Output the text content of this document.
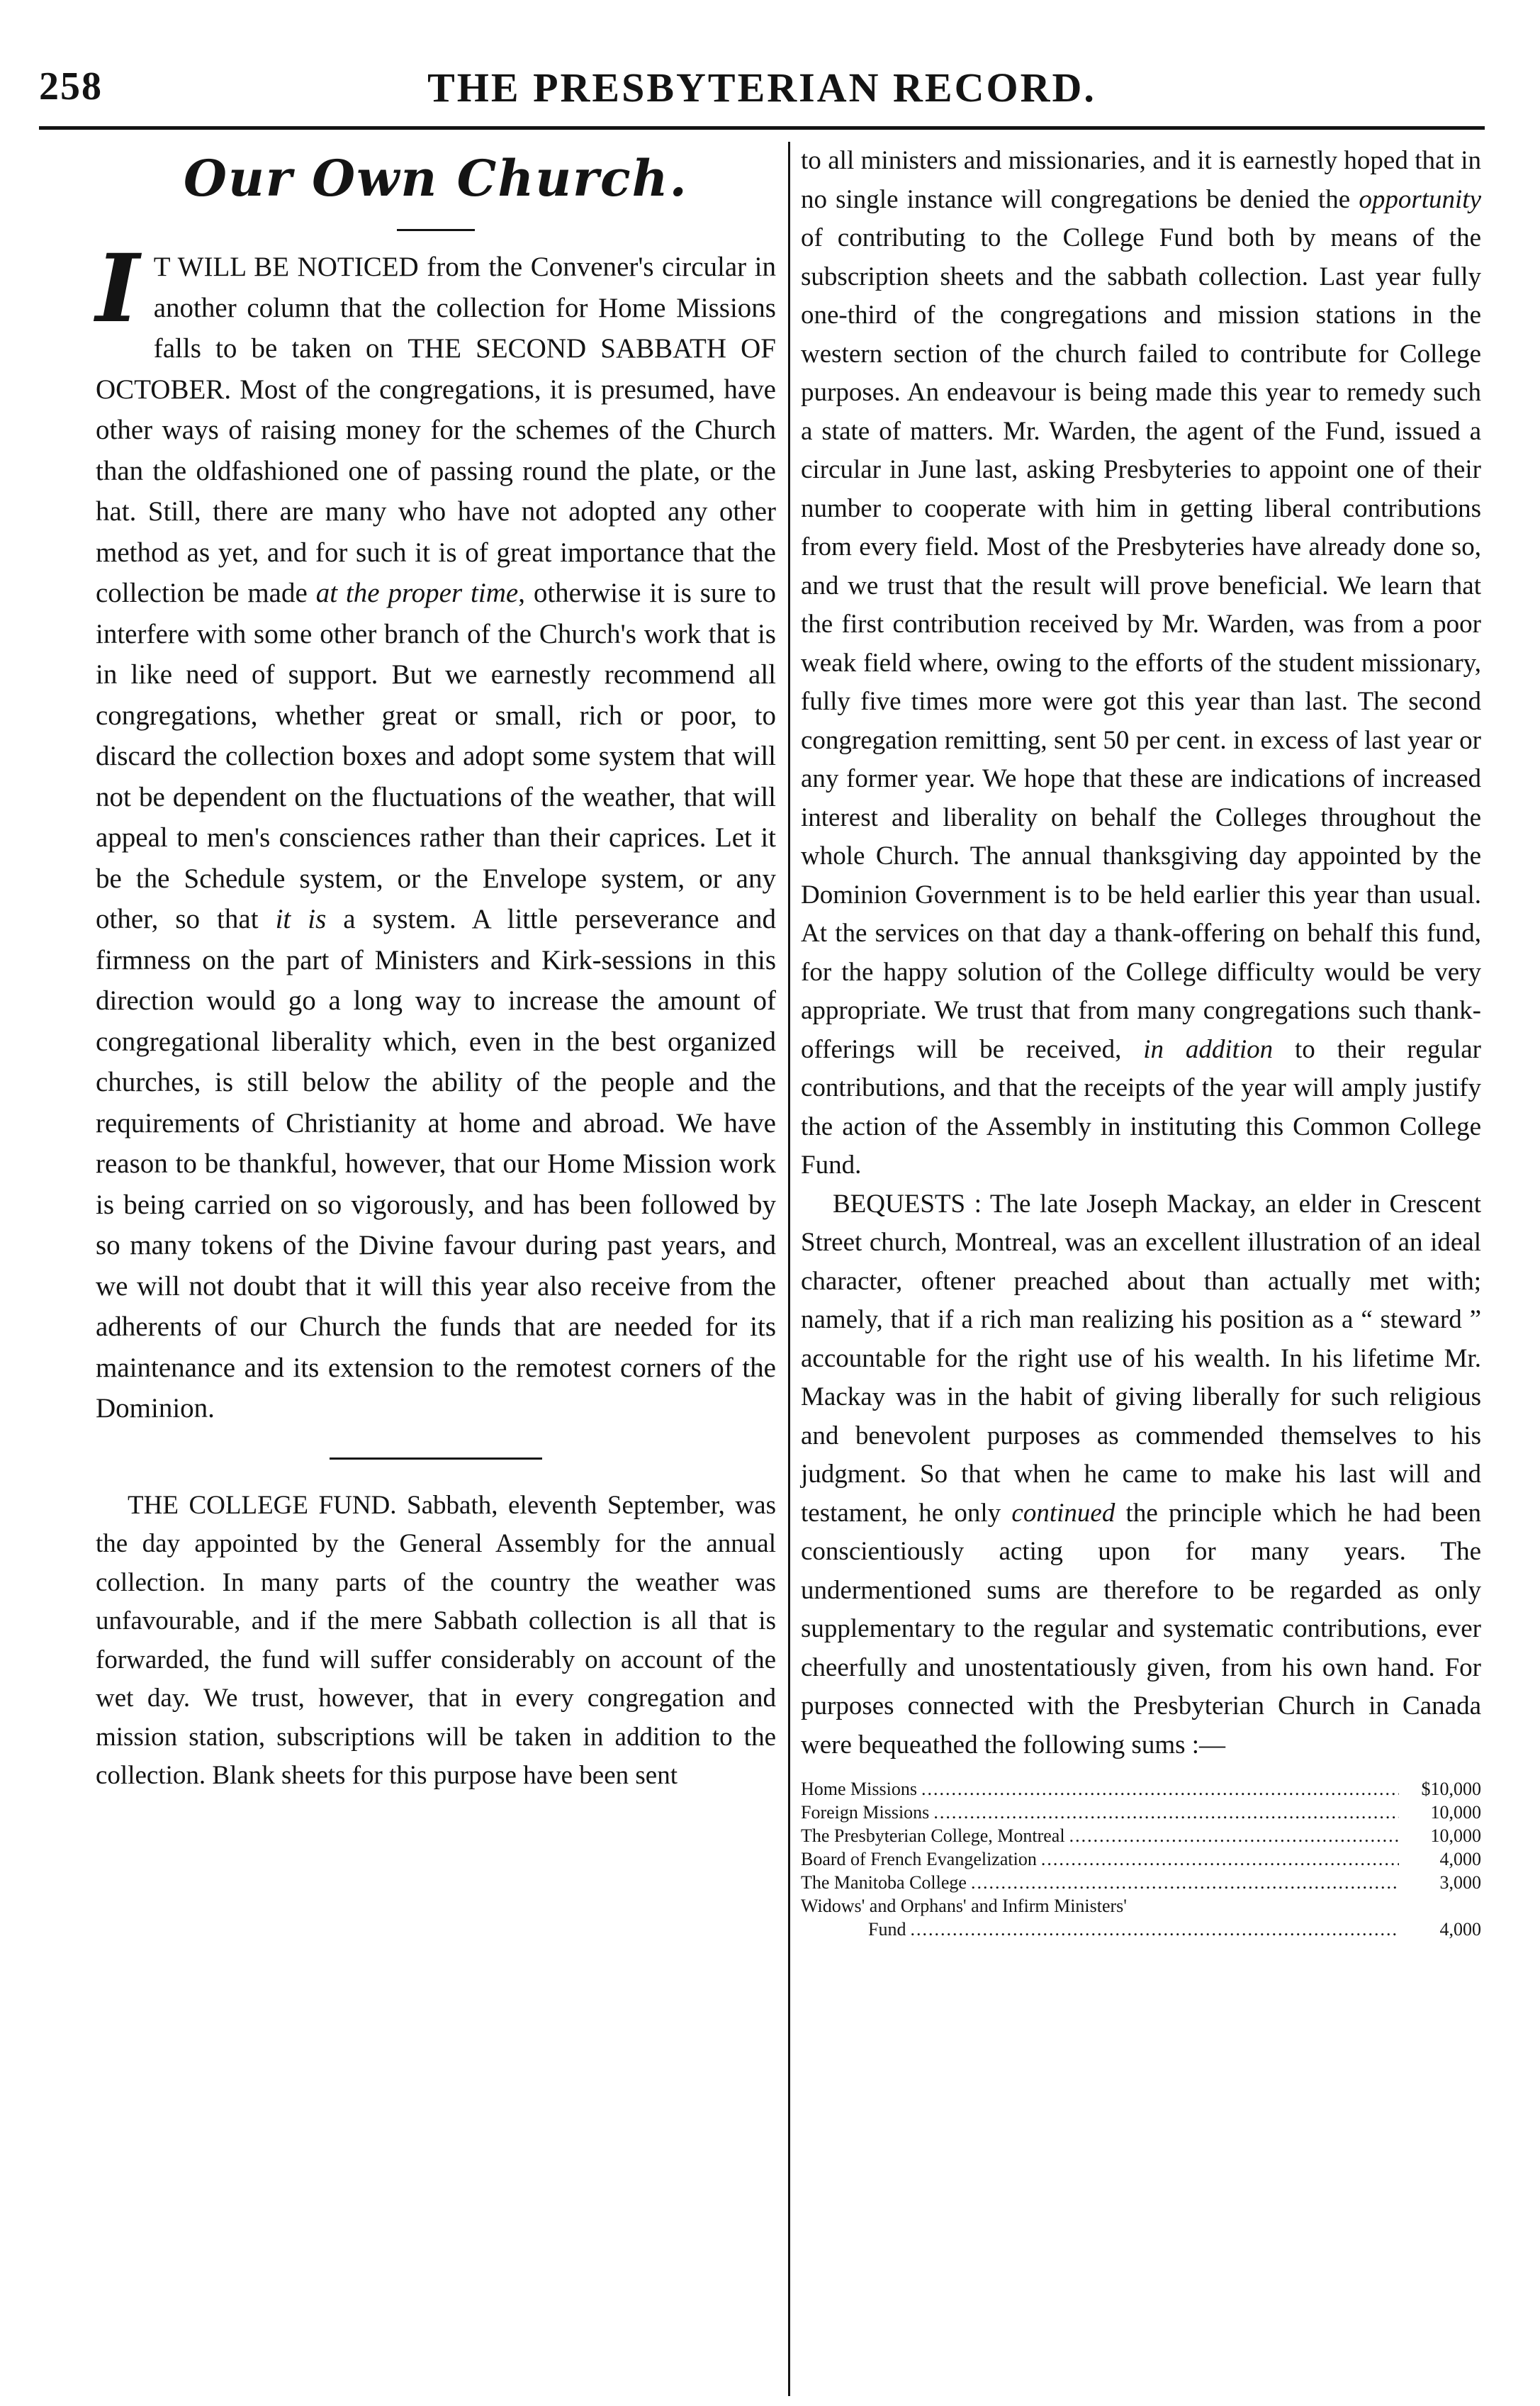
258	THE PRESBYTERIAN RECORD.
Our Own Church.

I T WILL BE NOTICED from the Convener's circular in another column that the collection for Home Missions falls to be taken on THE SECOND SABBATH OF OCTOBER. Most of the congregations, it is presumed, have other ways of raising money for the schemes of the Church than the oldfashioned one of passing round the plate, or the hat. Still, there are many who have not adopted any other method as yet, and for such it is of great importance that the collection be made at the proper time, otherwise it is sure to interfere with some other branch of the Church's work that is in like need of support. But we earnestly recommend all congregations, whether great or small, rich or poor, to discard the collection boxes and adopt some system that will not be dependent on the fluctuations of the weather, that will appeal to men's consciences rather than their caprices. Let it be the Schedule system, or the Envelope system, or any other, so that it is a system. A little perseverance and firmness on the part of Ministers and Kirk-sessions in this direction would go a long way to increase the amount of congregational liberality which, even in the best organized churches, is still below the ability of the people and the requirements of Christianity at home and abroad. We have reason to be thankful, however, that our Home Mission work is being carried on so vigorously, and has been followed by so many tokens of the Divine favour during past years, and we will not doubt that it will this year also receive from the adherents of our Church the funds that are needed for its maintenance and its extension to the remotest corners of the Dominion.

THE COLLEGE FUND. Sabbath, eleventh September, was the day appointed by the General Assembly for the annual collection. In many parts of the country the weather was unfavourable, and if the mere Sabbath collection is all that is forwarded, the fund will suffer considerably on account of the wet day. We trust, however, that in every congregation and mission station, subscriptions will be taken in addition to the collection. Blank sheets for this purpose have been sent

to all ministers and missionaries, and it is earnestly hoped that in no single instance will congregations be denied the opportunity of contributing to the College Fund both by means of the subscription sheets and the sabbath collection. Last year fully one-third of the congregations and mission stations in the western section of the church failed to contribute for College purposes. An endeavour is being made this year to remedy such a state of matters. Mr. Warden, the agent of the Fund, issued a circular in June last, asking Presbyteries to appoint one of their number to cooperate with him in getting liberal contributions from every field. Most of the Presbyteries have already done so, and we trust that the result will prove beneficial. We learn that the first contribution received by Mr. Warden, was from a poor weak field where, owing to the efforts of the student missionary, fully five times more were got this year than last. The second congregation remitting, sent 50 per cent. in excess of last year or any former year. We hope that these are indications of increased interest and liberality on behalf the Colleges throughout the whole Church. The annual thanksgiving day appointed by the Dominion Government is to be held earlier this year than usual. At the services on that day a thank-offering on behalf this fund, for the happy solution of the College difficulty would be very appropriate. We trust that from many congregations such thank-offerings will be received, in addition to their regular contributions, and that the receipts of the year will amply justify the action of the Assembly in instituting this Common College Fund.

BEQUESTS : The late Joseph Mackay, an elder in Crescent Street church, Montreal, was an excellent illustration of an ideal character, oftener preached about than actually met with; namely, that if a rich man realizing his position as a “ steward ” accountable for the right use of his wealth. In his lifetime Mr. Mackay was in the habit of giving liberally for such religious and benevolent purposes as commended themselves to his judgment. So that when he came to make his last will and testament, he only continued the principle which he had been conscientiously acting upon for many years. The undermentioned sums are therefore to be regarded as only supplementary to the regular and systematic contributions, ever cheerfully and unostentatiously given, from his own hand. For purposes connected with the Presbyterian Church in Canada were bequeathed the following sums :—

Home Missions .....	$10,000
Foreign Missions .....	10,000
The Presbyterian College, Montreal .....	10,000
Board of French Evangelization .....	4,000
The Manitoba College .....	3,000
Widows' and Orphans' and Infirm Ministers'
Fund .....	4,000
